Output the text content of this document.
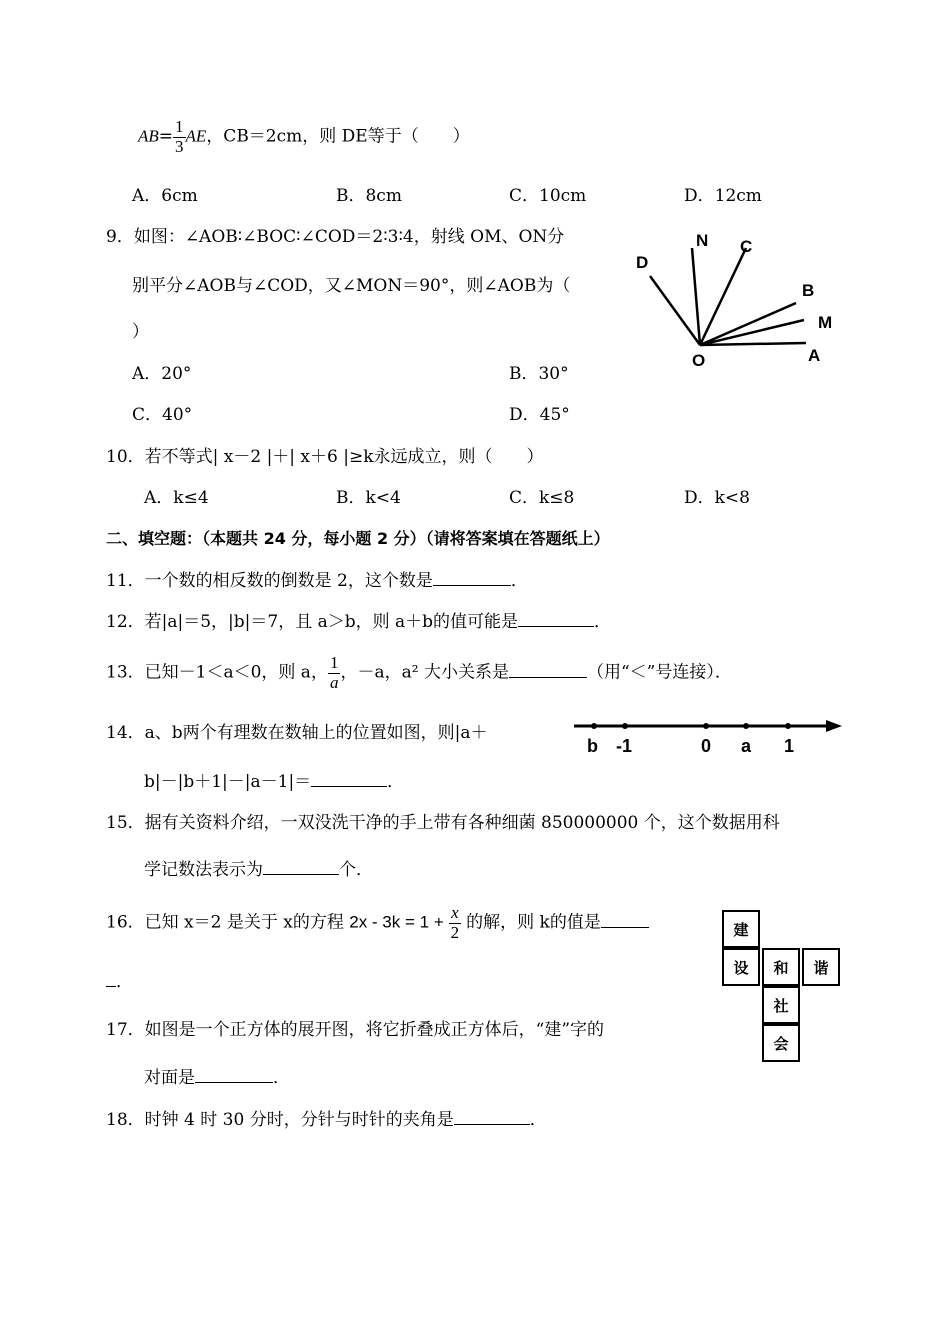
$AB= \frac{1}{3}$ AE，CB＝2cm，则 DE等于（　　）
A．6cm	B．8cm	C．10cm	D．12cm
9．如图：∠AOB∶∠BOC∶∠COD＝2∶3∶4，射线 OM、ON分
别平分∠AOB与∠COD，又∠MON＝90°，则∠AOB为（
）
A．20°	B．30°
C．40°	D．45°
D
N C
B
M
O	A
10．若不等式| x－2 |＋| x＋6 |≥k永远成立，则（　　）
A．k≤4	B．k<4	C．k≤8	D．k<8
二、填空题：（本题共 24 分，每小题 2 分）（请将答案填在答题纸上）
11．一个数的相反数的倒数是 2，这个数是	．
12．若|a|＝5，|b|＝7，且 a＞b，则 a＋b的值可能是	．
13．已知－1＜a＜0，则 a， $\frac{1}{a}$ ，－a，a² 大小关系是	（用“＜”号连接）．
14．a、b两个有理数在数轴上的位置如图，则|a＋
b|－|b＋1|－|a－1|＝	．
b -1	0 a 1
15．据有关资料介绍，一双没洗干净的手上带有各种细菌 850000000 个，这个数据用科
学记数法表示为	个．
16．已知 x＝2 是关于 x的方程 $2x - 3k = 1 + \frac{x}{2}$ 的解，则 k的值是
．
17．如图是一个正方体的展开图，将它折叠成正方体后，“建”字的
对面是	．
建
设	和	谐
社
会
18．时钟 4 时 30 分时，分针与时针的夹角是	．
